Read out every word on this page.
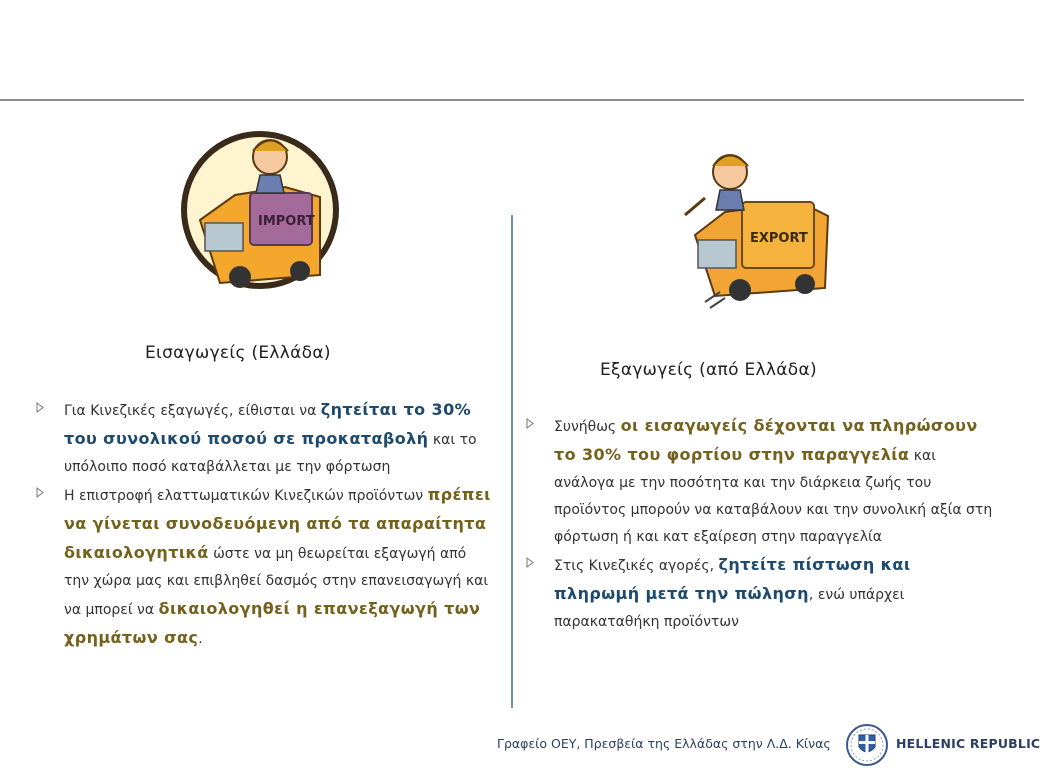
IMPORT
EXPORT
Εισαγωγείς (Ελλάδα)
Εξαγωγείς (από Ελλάδα)

Για Κινεζικές εξαγωγές, είθισται να ζητείται το 30% του συνολικού ποσού σε προκαταβολή και το υπόλοιπο ποσό καταβάλλεται με την φόρτωση

Η επιστροφή ελαττωματικών Κινεζικών προϊόντων πρέπει να γίνεται συνοδευόμενη από τα απαραίτητα δικαιολογητικά ώστε να μη θεωρείται εξαγωγή από την χώρα μας και επιβληθεί δασμός στην επανεισαγωγή και να μπορεί να δικαιολογηθεί η επανεξαγωγή των χρημάτων σας.

Συνήθως οι εισαγωγείς δέχονται να πληρώσουν το 30% του φορτίου στην παραγγελία και ανάλογα με την ποσότητα και την διάρκεια ζωής του προϊόντος μπορούν να καταβάλουν και την συνολική αξία στη φόρτωση ή και κατ εξαίρεση στην παραγγελία

Στις Κινεζικές αγορές, ζητείτε πίστωση και πληρωμή μετά την πώληση, ενώ υπάρχει παρακαταθήκη προϊόντων

Γραφείο ΟΕΥ, Πρεσβεία της Ελλάδας στην Λ.Δ. Κίνας	HELLENIC REPUBLIC
